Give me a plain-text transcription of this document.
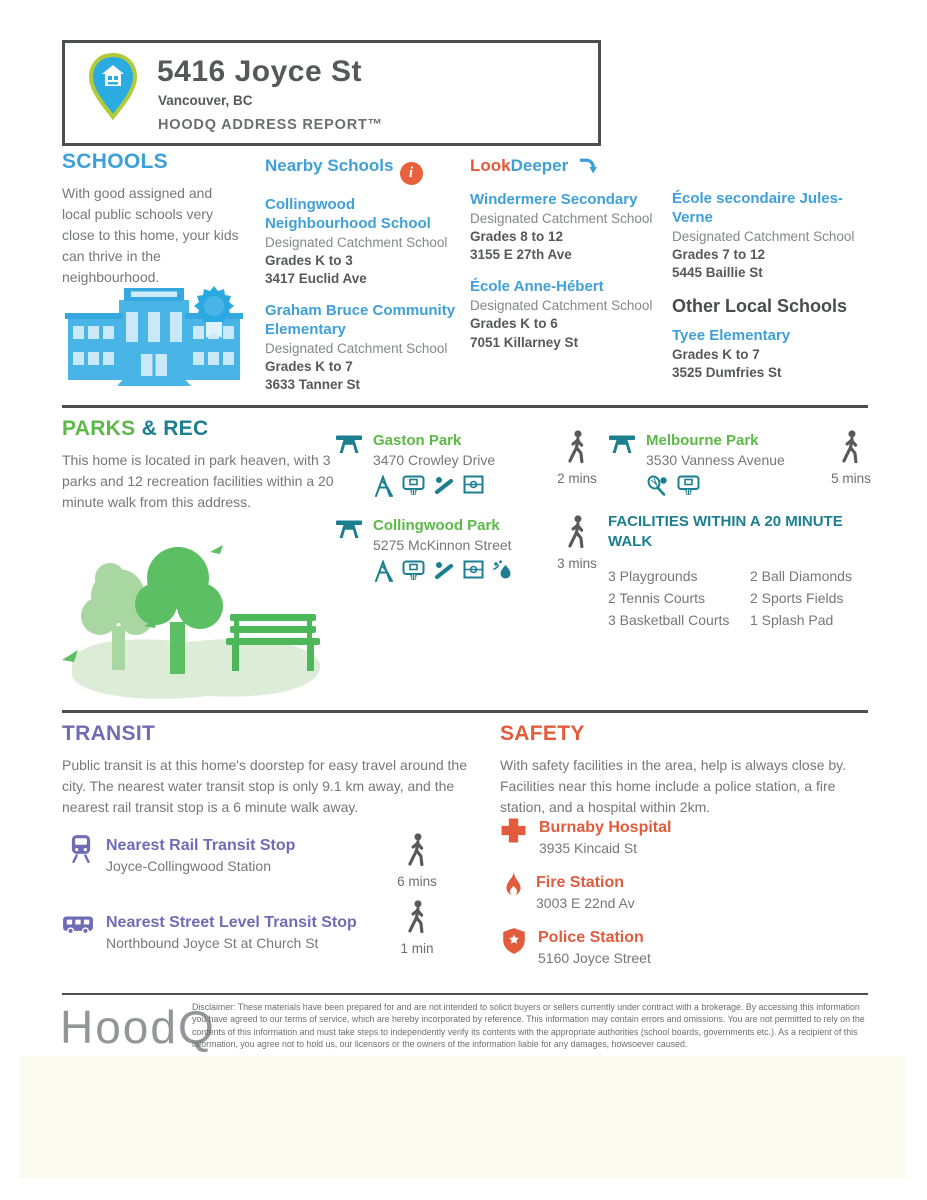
5416 Joyce St
Vancouver, BC
HOODQ ADDRESS REPORT™
SCHOOLS
With good assigned and local public schools very close to this home, your kids can thrive in the neighbourhood.
Nearby Schools i
Collingwood Neighbourhood School
Designated Catchment School
Grades K to 3
3417 Euclid Ave
Graham Bruce Community Elementary
Designated Catchment School
Grades K to 7
3633 Tanner St
LookDeeper
Windermere Secondary
Designated Catchment School
Grades 8 to 12
3155 E 27th Ave
École Anne-Hébert
Designated Catchment School
Grades K to 6
7051 Killarney St
École secondaire Jules-Verne
Designated Catchment School
Grades 7 to 12
5445 Baillie St
Other Local Schools
Tyee Elementary
Grades K to 7
3525 Dumfries St
PARKS & REC
This home is located in park heaven, with 3 parks and 12 recreation facilities within a 20 minute walk from this address.
Gaston Park
3470 Crowley Drive
2 mins
Melbourne Park
3530 Vanness Avenue
5 mins
Collingwood Park
5275 McKinnon Street
3 mins
FACILITIES WITHIN A 20 MINUTE WALK
3 Playgrounds
2 Tennis Courts
3 Basketball Courts
2 Ball Diamonds
2 Sports Fields
1 Splash Pad
TRANSIT
Public transit is at this home's doorstep for easy travel around the city. The nearest water transit stop is only 9.1 km away, and the nearest rail transit stop is a 6 minute walk away.
Nearest Rail Transit Stop
Joyce-Collingwood Station
6 mins
Nearest Street Level Transit Stop
Northbound Joyce St at Church St	1 min
SAFETY
With safety facilities in the area, help is always close by. Facilities near this home include a police station, a fire station, and a hospital within 2km.
Burnaby Hospital
3935 Kincaid St
Fire Station
3003 E 22nd Av
Police Station
5160 Joyce Street
HoodQ
Disclaimer: These materials have been prepared for and are not intended to solicit buyers or sellers currently under contract with a brokerage. By accessing this information you have agreed to our terms of service, which are hereby incorporated by reference. This information may contain errors and omissions. You are not permitted to rely on the contents of this information and must take steps to independently verify its contents with the appropriate authorities (school boards, governments etc.). As a recipient of this information, you agree not to hold us, our licensors or the owners of the information liable for any damages, howsoever caused.
